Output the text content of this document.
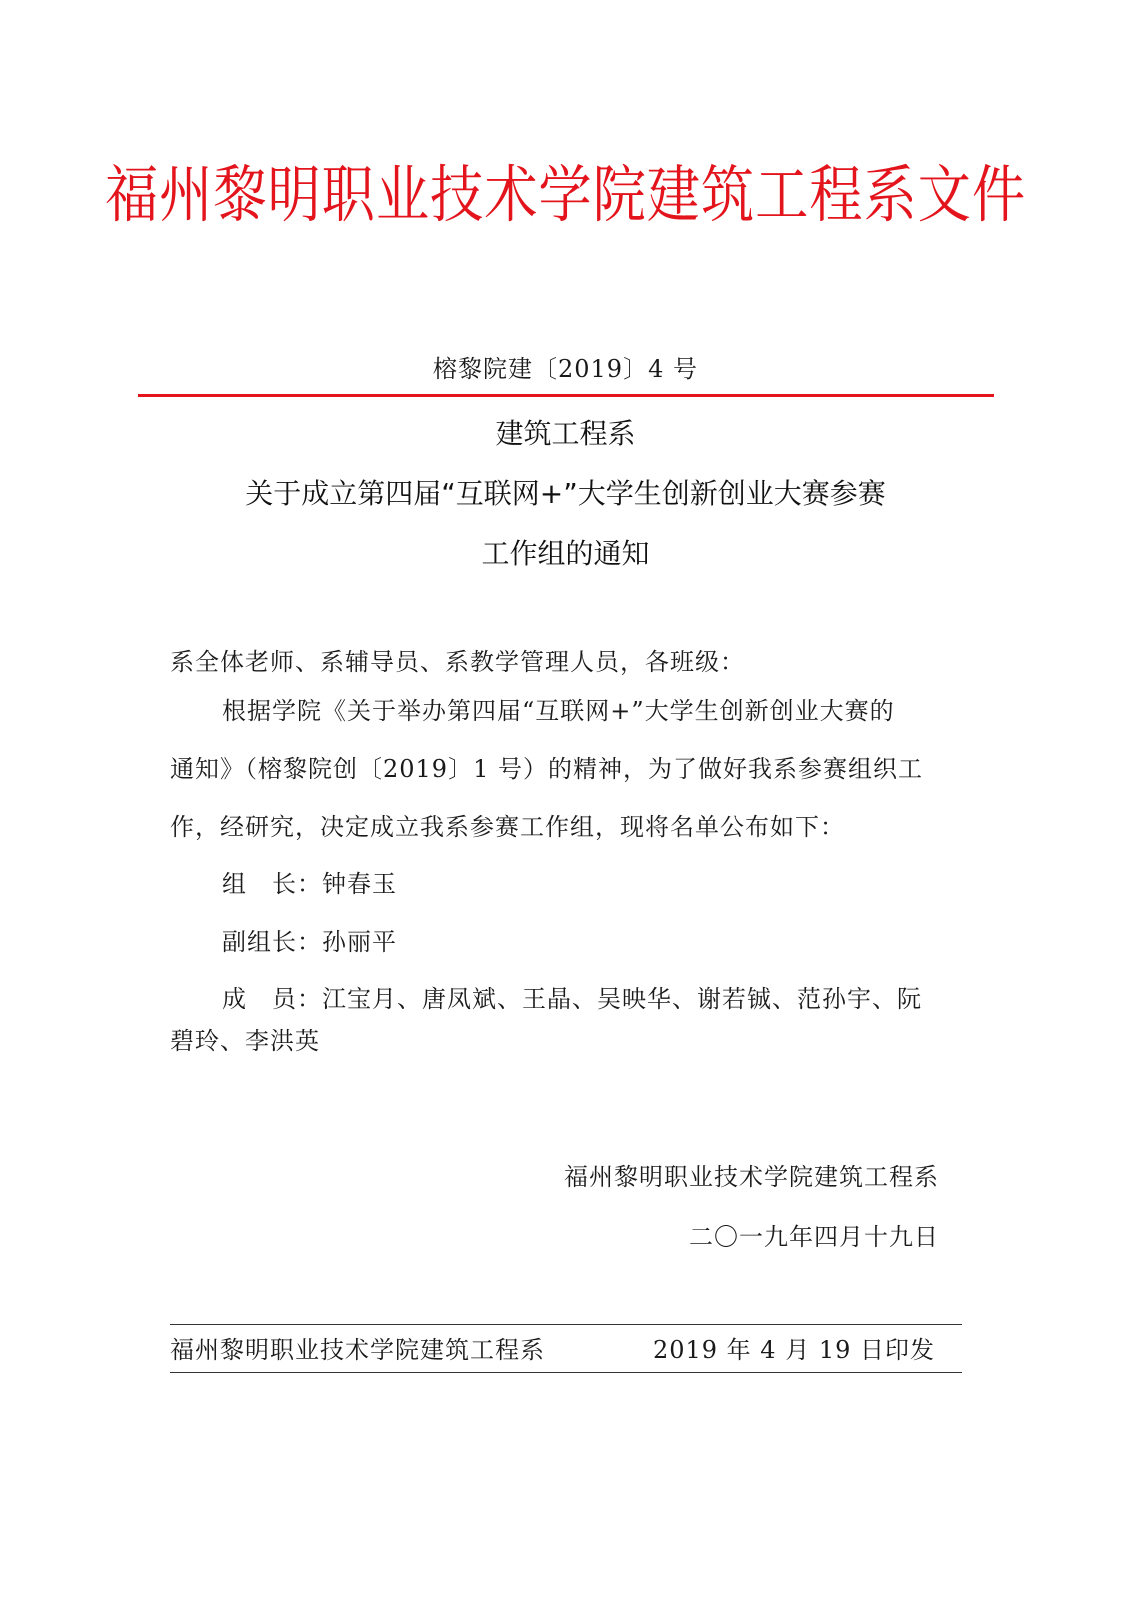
福州黎明职业技术学院建筑工程系文件
榕黎院建〔2019〕4 号
建筑工程系
关于成立第四届“互联网+”大学生创新创业大赛参赛
工作组的通知
系全体老师、系辅导员、系教学管理人员，各班级：
根据学院《关于举办第四届“互联网+”大学生创新创业大赛的
通知》（榕黎院创〔2019〕1 号）的精神，为了做好我系参赛组织工
作，经研究，决定成立我系参赛工作组，现将名单公布如下：
组　长：钟春玉
副组长：孙丽平
成　员：江宝月、唐凤斌、王晶、吴映华、谢若铖、范孙宇、阮
碧玲、李洪英
福州黎明职业技术学院建筑工程系
二〇一九年四月十九日
福州黎明职业技术学院建筑工程系	2019 年 4 月 19 日印发
